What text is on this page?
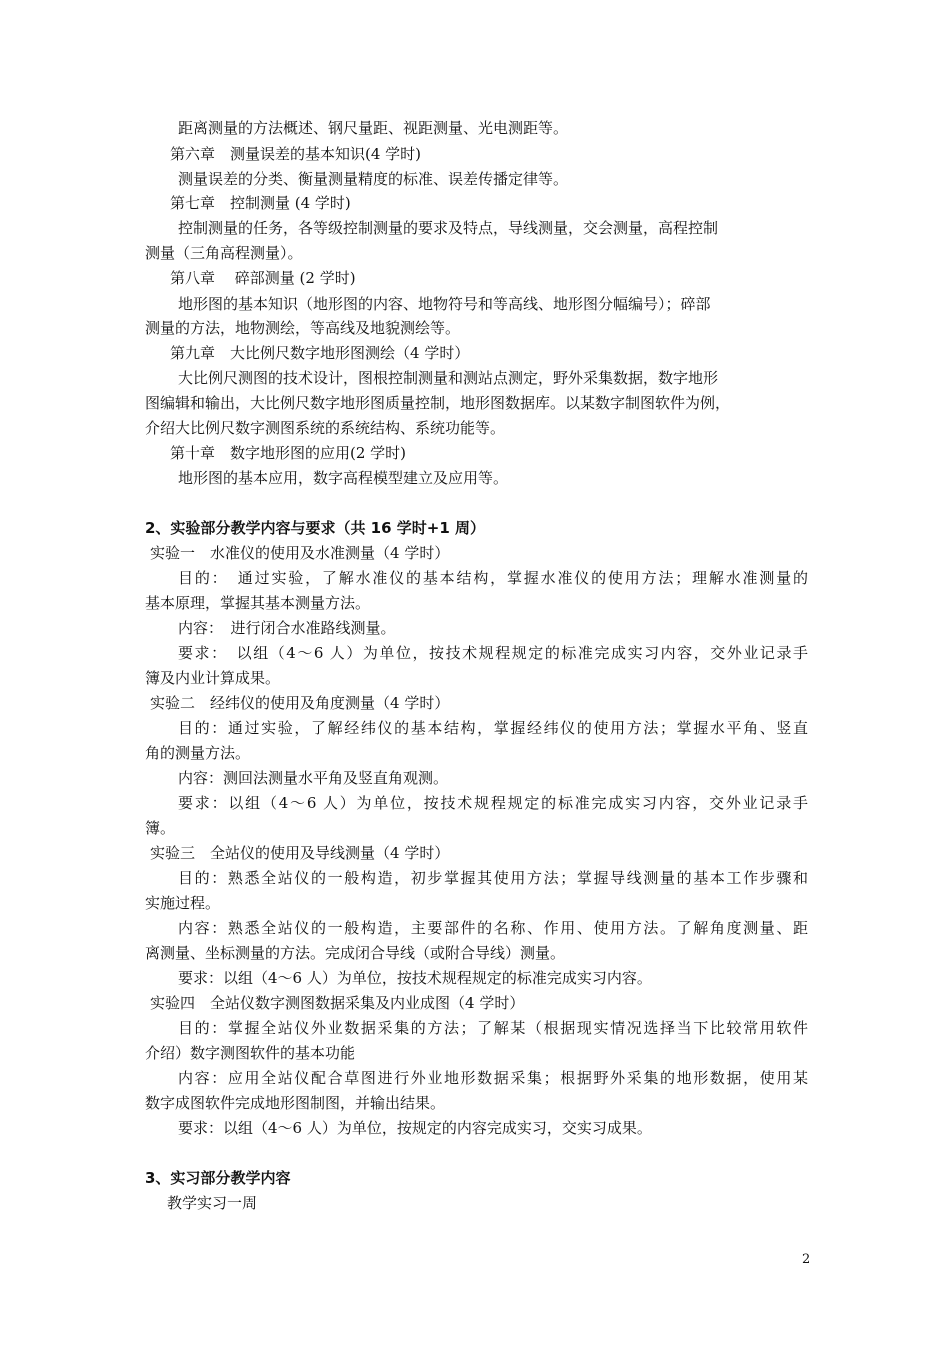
距离测量的方法概述、钢尺量距、视距测量、光电测距等。
第六章　测量误差的基本知识(4 学时)
测量误差的分类、衡量测量精度的标准、误差传播定律等。
第七章　控制测量 (4 学时)
控制测量的任务，各等级控制测量的要求及特点，导线测量，交会测量，高程控制
测量（三角高程测量）。
第八章　 碎部测量 (2 学时)
地形图的基本知识（地形图的内容、地物符号和等高线、地形图分幅编号）；碎部
测量的方法，地物测绘，等高线及地貌测绘等。
第九章　大比例尺数字地形图测绘（4 学时）
大比例尺测图的技术设计，图根控制测量和测站点测定，野外采集数据，数字地形
图编辑和输出，大比例尺数字地形图质量控制，地形图数据库。以某数字制图软件为例，
介绍大比例尺数字测图系统的系统结构、系统功能等。
第十章　数字地形图的应用(2 学时)
地形图的基本应用，数字高程模型建立及应用等。
2、实验部分教学内容与要求（共 16 学时+1 周）
实验一　水准仪的使用及水准测量（4 学时）
目的：　通过实验，了解水准仪的基本结构，掌握水准仪的使用方法；理解水准测量的
基本原理，掌握其基本测量方法。
内容：　进行闭合水准路线测量。
要求：　以组（4～6 人）为单位，按技术规程规定的标准完成实习内容，交外业记录手
簿及内业计算成果。
实验二　经纬仪的使用及角度测量（4 学时）
目的：通过实验，了解经纬仪的基本结构，掌握经纬仪的使用方法；掌握水平角、竖直
角的测量方法。
内容：测回法测量水平角及竖直角观测。
要求：以组（4～6 人）为单位，按技术规程规定的标准完成实习内容，交外业记录手
簿。
实验三　全站仪的使用及导线测量（4 学时）
目的：熟悉全站仪的一般构造，初步掌握其使用方法；掌握导线测量的基本工作步骤和
实施过程。
内容：熟悉全站仪的一般构造，主要部件的名称、作用、使用方法。了解角度测量、距
离测量、坐标测量的方法。完成闭合导线（或附合导线）测量。
要求：以组（4～6 人）为单位，按技术规程规定的标准完成实习内容。
实验四　全站仪数字测图数据采集及内业成图（4 学时）
目的：掌握全站仪外业数据采集的方法；了解某（根据现实情况选择当下比较常用软件
介绍）数字测图软件的基本功能
内容：应用全站仪配合草图进行外业地形数据采集；根据野外采集的地形数据，使用某
数字成图软件完成地形图制图，并输出结果。
要求：以组（4～6 人）为单位，按规定的内容完成实习，交实习成果。
3、实习部分教学内容
教学实习一周
2
